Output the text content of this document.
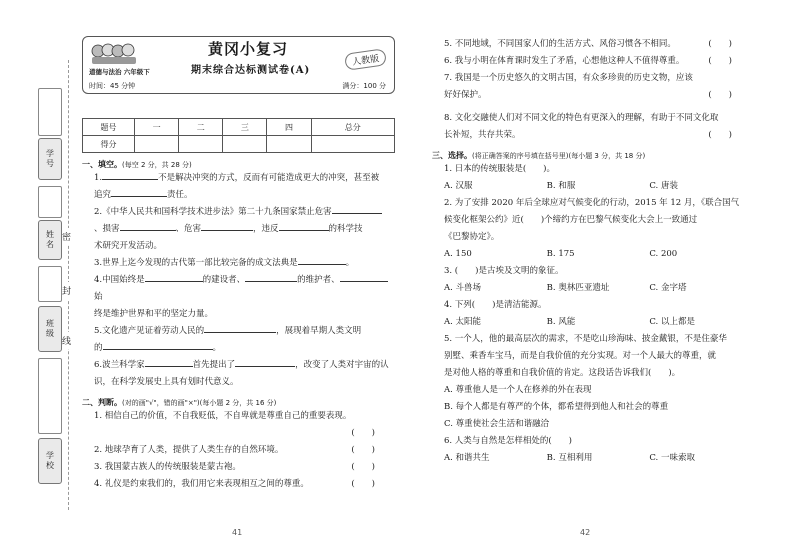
学号
姓名
班级
学校
密
封
线
黄冈小复习
道德与法治 六年级下	期末综合达标测试卷(A)
人教版
时间：45 分钟	满分：100 分
题号	一	二	三	四	总分
得分					
一、填空。(每空 2 分，共 28 分)
1.	不是解决冲突的方式，反而有可能造成更大的冲突，甚至被
追究	责任。
2.《中华人民共和国科学技术进步法》第二十九条国家禁止危害
、损害	、危害	，违反	的科学技
术研究开发活动。
3.世界上迄今发现的古代第一部比较完备的成文法典是	。
4.中国始终是	的建设者、	的维护者、始
终是维护世界和平的坚定力量。
5.文化遗产见证着劳动人民的	，展现着早期人类文明
的	。
6.波兰科学家	首先提出了	，改变了人类对宇宙的认
识，在科学发展史上具有划时代意义。
二、判断。(对的画"√"，错的画"×")(每小题 2 分，共 16 分)
1. 相信自己的价值，不自我贬低，不自卑就是尊重自己的重要表现。
(　　)

2. 地球孕育了人类，提供了人类生存的自然环境。	(　　)
3. 我国蒙古族人的传统服装是蒙古袍。	(　　)
4. 礼仪是约束我们的，我们用它来表现相互之间的尊重。	(　　)
5. 不同地域，不同国家人们的生活方式、风俗习惯各不相同。	(　　)
6. 我与小明在体育课时发生了矛盾，心想他这种人不值得尊重。	(　　)
7. 我国是一个历史悠久的文明古国，有众多珍贵的历史文物，应该
好好保护。	(　　)
8. 文化交融使人们对不同文化的特色有更深入的理解，有助于不同文化取
长补短，共存共荣。	(　　)
三、选择。(将正确答案的序号填在括号里)(每小题 3 分，共 18 分)
1. 日本的传统服装是(　　)。
A. 汉服	B. 和服	C. 唐装
2. 为了安排 2020 年后全球应对气候变化的行动，2015 年 12 月，《联合国气
候变化框架公约》近(　　)个缔约方在巴黎气候变化大会上一致通过
《巴黎协定》。
A. 150	B. 175	C. 200
3. (　　)是古埃及文明的象征。
A. 斗兽场	B. 奥林匹亚遗址	C. 金字塔
4. 下列(　　)是清洁能源。
A. 太阳能	B. 风能	C. 以上都是
5. 一个人，他的最高层次的需求，不是吃山珍海味、披金戴银，不是住豪华
别墅、乘香车宝马，而是自我价值的充分实现。对一个人最大的尊重，就
是对他人格的尊重和自我价值的肯定。这段话告诉我们(　　)。
A. 尊重他人是一个人在修养的外在表现
B. 每个人都是有尊严的个体，都希望得到他人和社会的尊重
C. 尊重使社会生活和谐融洽
6. 人类与自然是怎样相处的(　　)
A. 和谐共生	B. 互相利用	C. 一味索取
41	42
